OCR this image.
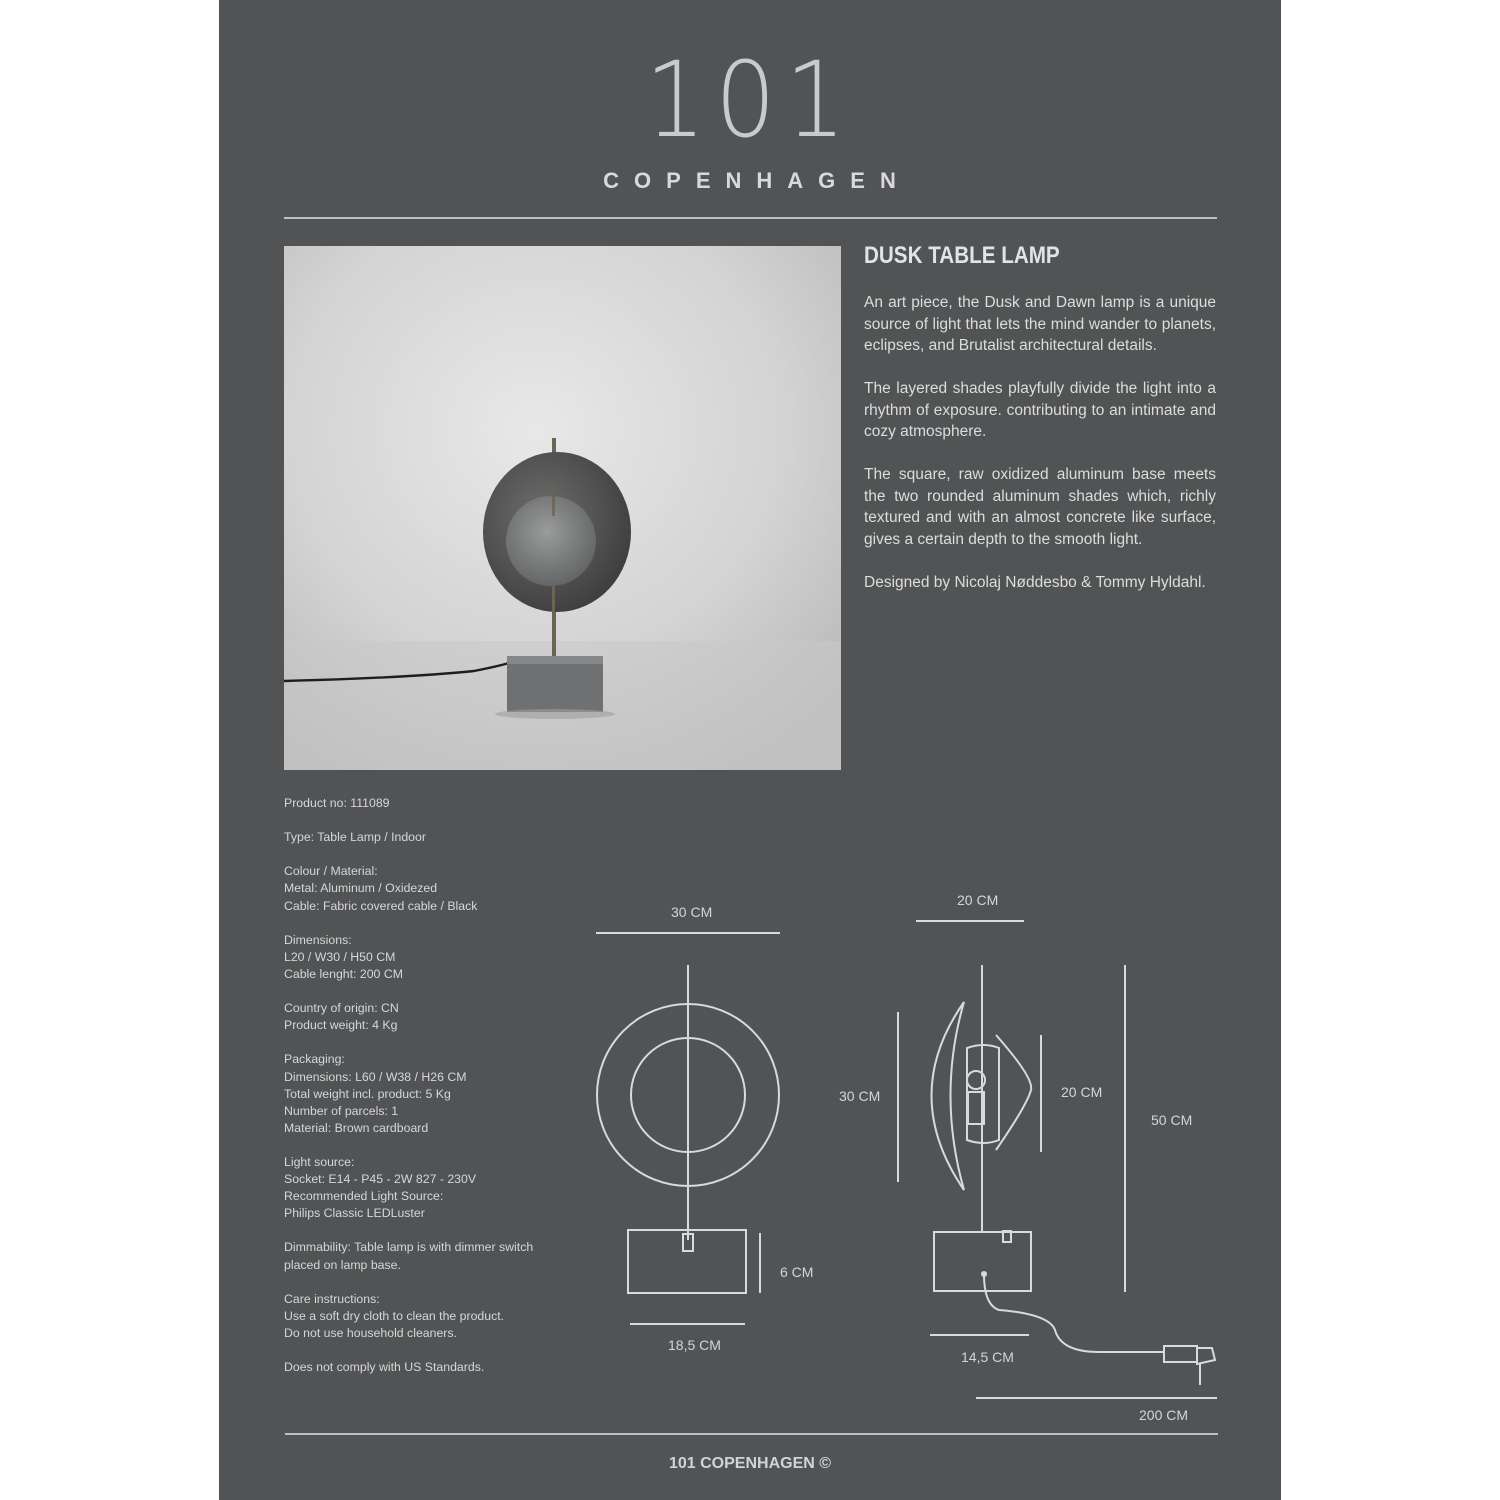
101
COPENHAGEN
DUSK TABLE LAMP

An art piece, the Dusk and Dawn lamp is a unique source of light that lets the mind wander to planets, eclipses, and Brutalist architectural details.

The layered shades playfully divide the light into a rhythm of exposure. contributing to an intimate and cozy atmosphere.

The square, raw oxidized aluminum base meets the two rounded aluminum shades which, richly textured and with an almost concrete like surface, gives a certain depth to the smooth light.

Designed by Nicolaj Nøddesbo & Tommy Hyldahl.

Product no: 111089
Type: Table Lamp / Indoor
Colour / Material:
Metal: Aluminum / Oxidezed
Cable: Fabric covered cable / Black
Dimensions:
L20 / W30 / H50 CM
Cable lenght: 200 CM
Country of origin: CN
Product weight: 4 Kg
Packaging:
Dimensions: L60 / W38 / H26 CM
Total weight incl. product: 5 Kg
Number of parcels: 1
Material: Brown cardboard
Light source:
Socket: E14 - P45 - 2W 827 - 230V
Recommended Light Source:
Philips Classic LEDLuster
Dimmability: Table lamp is with dimmer switch
placed on lamp base.
Care instructions:
Use a soft dry cloth to clean the product.
Do not use household cleaners.
Does not comply with US Standards.
30 CM
6 CM
18,5 CM
20 CM
30 CM	20 CM
50 CM
14,5 CM
200 CM
101 COPENHAGEN ©
